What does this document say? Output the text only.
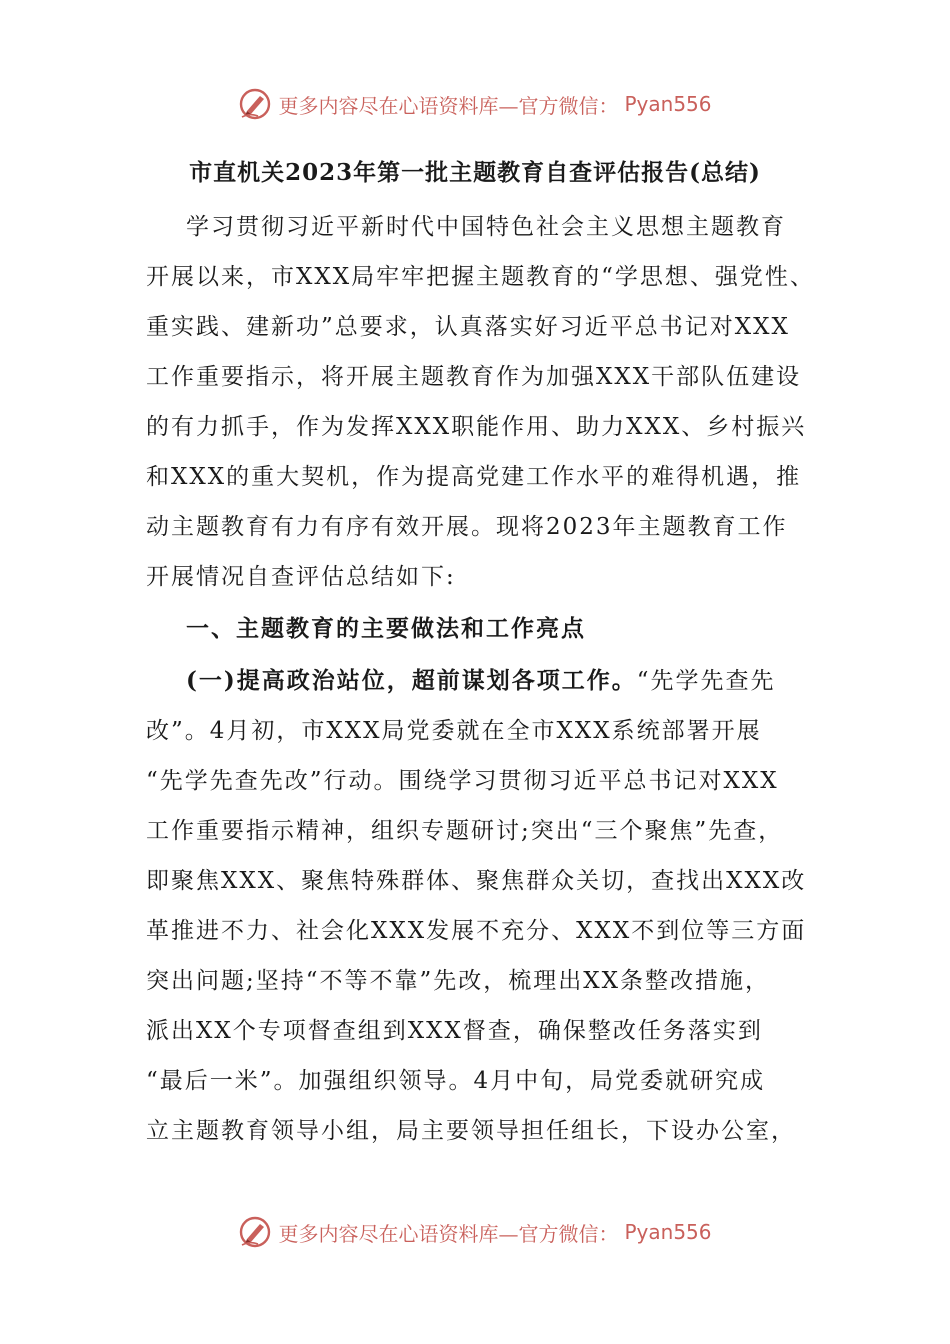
更多内容尽在心语资料库—官方微信： Pyan556
市直机关2023年第一批主题教育自查评估报告(总结)
学习贯彻习近平新时代中国特色社会主义思想主题教育
开展以来，市XXX局牢牢把握主题教育的“学思想、强党性、
重实践、建新功”总要求，认真落实好习近平总书记对XXX
工作重要指示，将开展主题教育作为加强XXX干部队伍建设
的有力抓手，作为发挥XXX职能作用、助力XXX、乡村振兴
和XXX的重大契机，作为提高党建工作水平的难得机遇，推
动主题教育有力有序有效开展。现将2023年主题教育工作
开展情况自查评估总结如下:
一、主题教育的主要做法和工作亮点
(一)提高政治站位，超前谋划各项工作。“先学先查先
改”。4月初，市XXX局党委就在全市XXX系统部署开展
“先学先查先改”行动。围绕学习贯彻习近平总书记对XXX
工作重要指示精神，组织专题研讨;突出“三个聚焦”先查，
即聚焦XXX、聚焦特殊群体、聚焦群众关切，查找出XXX改
革推进不力、社会化XXX发展不充分、XXX不到位等三方面
突出问题;坚持“不等不靠”先改，梳理出XX条整改措施，
派出XX个专项督查组到XXX督查，确保整改任务落实到
“最后一米”。加强组织领导。4月中旬，局党委就研究成
立主题教育领导小组，局主要领导担任组长，下设办公室，
更多内容尽在心语资料库—官方微信： Pyan556
